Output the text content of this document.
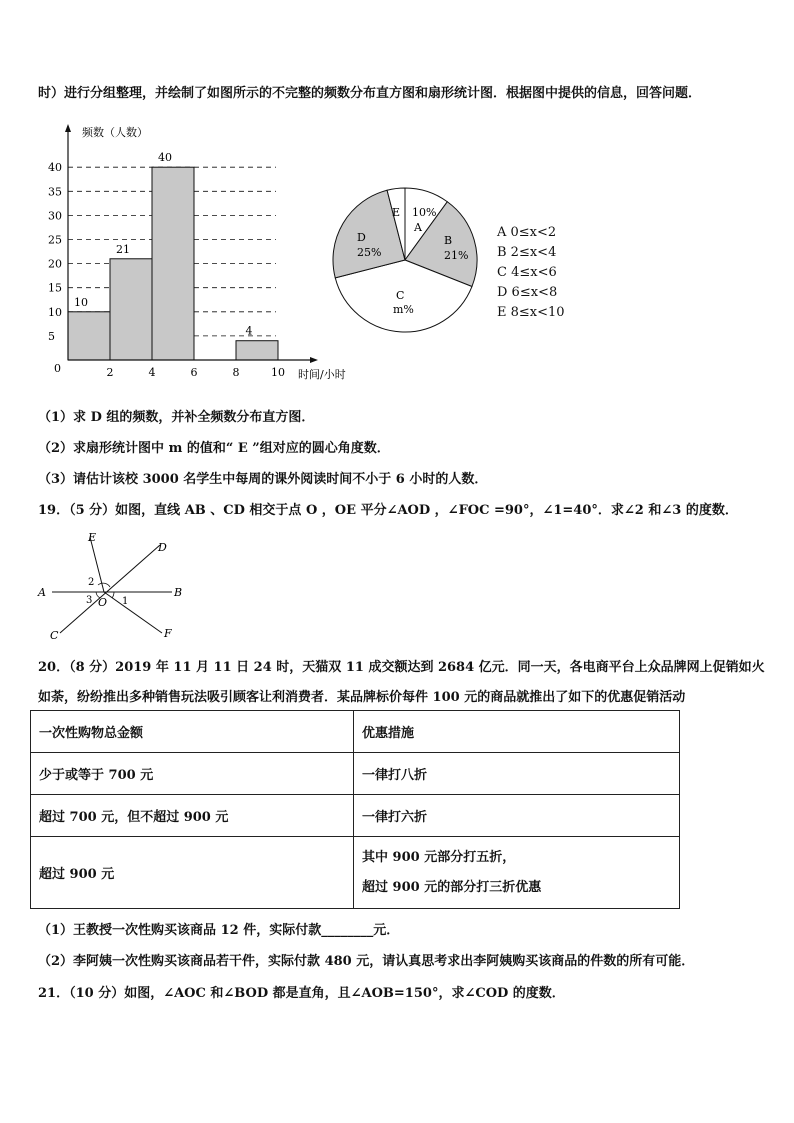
时）进行分组整理，并绘制了如图所示的不完整的频数分布直方图和扇形统计图．根据图中提供的信息，回答问题．
频数（人数）
时间/小时
0
5
10
15
20
25
30
35
40
2	4	6	8	10
10
21
40
4
E 10%
A
B
21%
D
25%
C
m%
A 0≤x<2
B 2≤x<4
C 4≤x<6
D 6≤x<8
E 8≤x<10
（1）求 D 组的频数，并补全频数分布直方图．
（2）求扇形统计图中 m 的值和“ E ”组对应的圆心角度数．
（3）请估计该校 3000 名学生中每周的课外阅读时间不小于 6 小时的人数．
19．（5 分）如图，直线 AB 、CD 相交于点 O ，OE 平分∠AOD ，∠FOC =90°，∠1=40°．求∠2 和∠3 的度数．
A	B
C
D
E
F
O 1
2
3
20．（8 分）2019 年 11 月 11 日 24 时，天猫双 11 成交额达到 2684 亿元．同一天，各电商平台上众品牌网上促销如火
如荼，纷纷推出多种销售玩法吸引顾客让利消费者．某品牌标价每件 100 元的商品就推出了如下的优惠促销活动
一次性购物总金额	优惠措施
少于或等于 700 元	一律打八折
超过 700 元，但不超过 900 元	一律打六折
超过 900 元	其中 900 元部分打五折，
超过 900 元的部分打三折优惠
（1）王教授一次性购买该商品 12 件，实际付款________元．
（2）李阿姨一次性购买该商品若干件，实际付款 480 元，请认真思考求出李阿姨购买该商品的件数的所有可能．
21．（10 分）如图，∠AOC 和∠BOD 都是直角，且∠AOB=150°，求∠COD 的度数．
